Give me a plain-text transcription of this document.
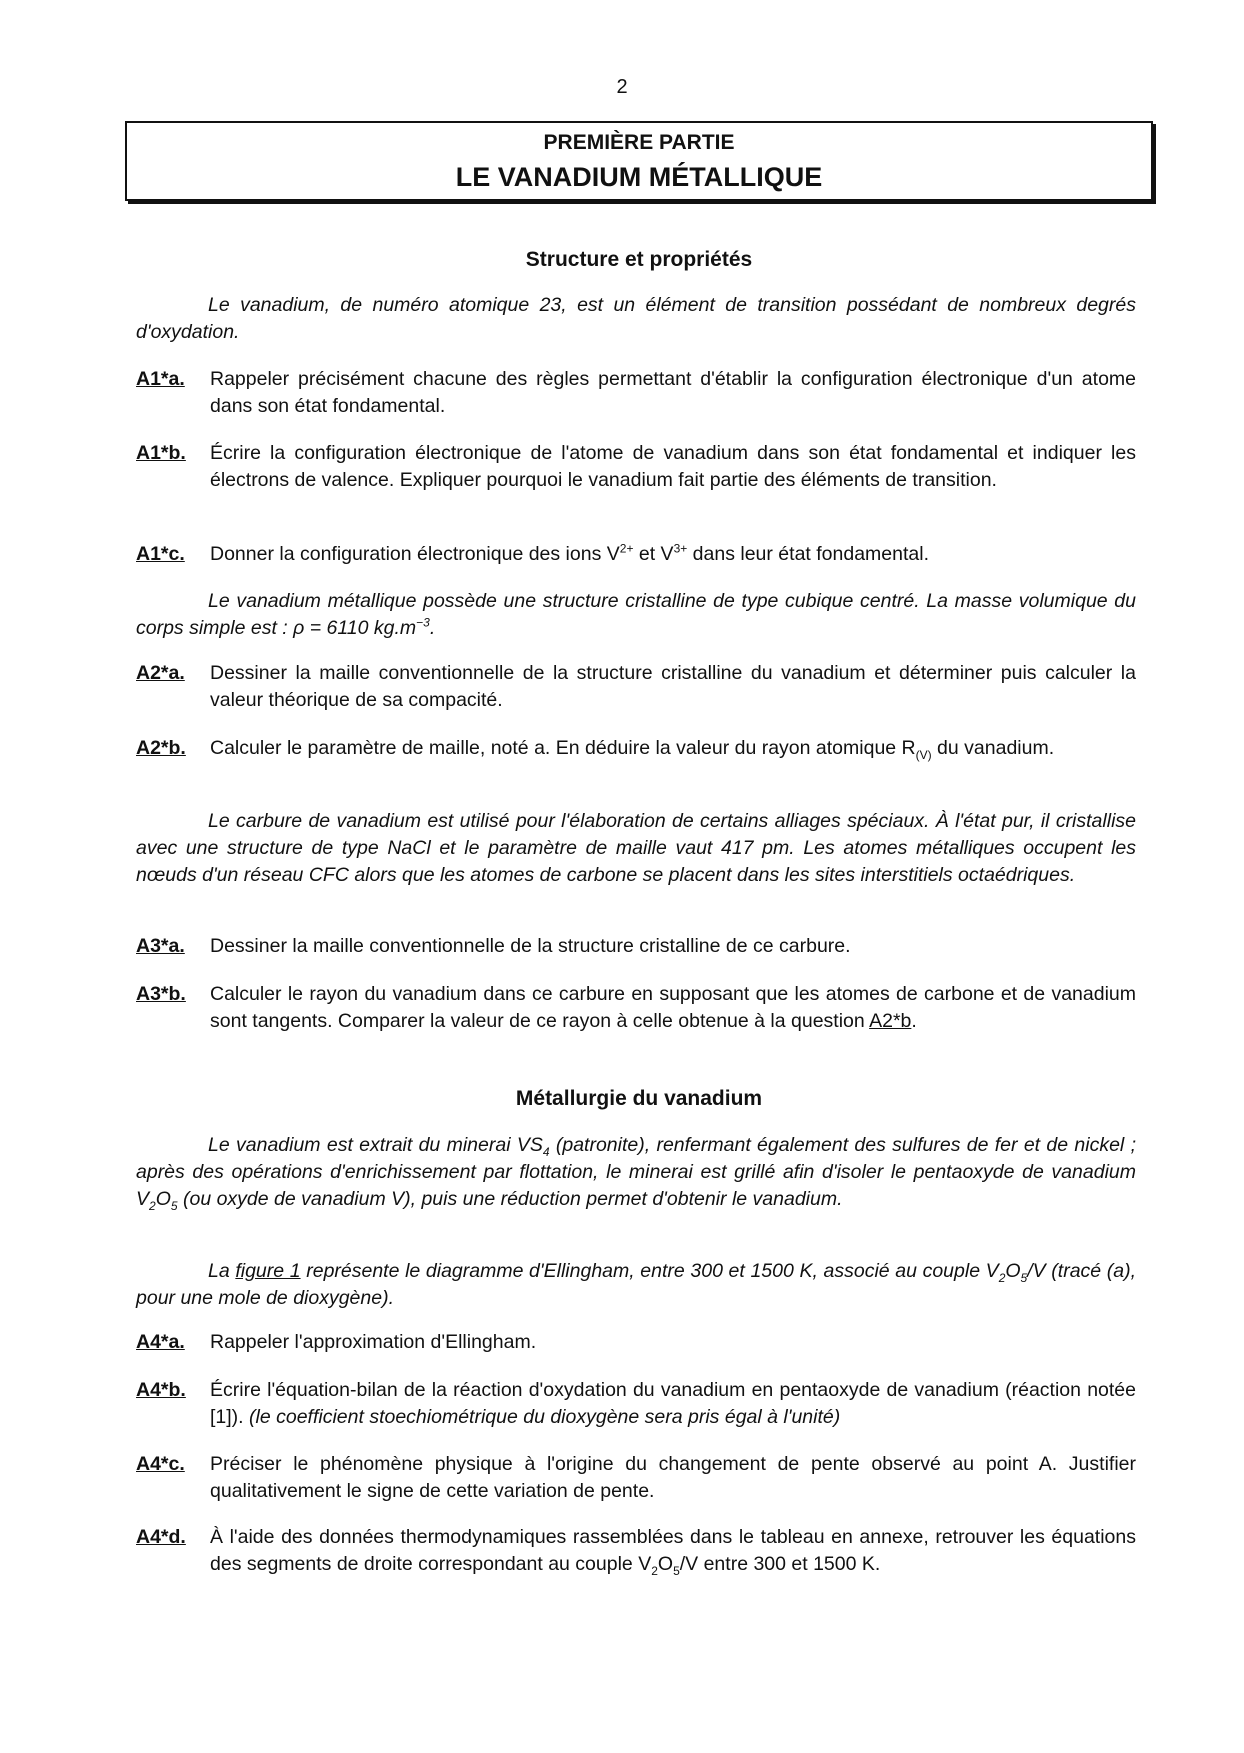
2
PREMIÈRE PARTIE
LE VANADIUM MÉTALLIQUE
Structure et propriétés
Le vanadium, de numéro atomique 23, est un élément de transition possédant de nombreux degrés d'oxydation.
A1*a. Rappeler précisément chacune des règles permettant d'établir la configuration électronique d'un atome dans son état fondamental.
A1*b. Écrire la configuration électronique de l'atome de vanadium dans son état fondamental et indiquer les électrons de valence. Expliquer pourquoi le vanadium fait partie des éléments de transition.
A1*c. Donner la configuration électronique des ions $V^{2+}$ et $V^{3+}$ dans leur état fondamental.
Le vanadium métallique possède une structure cristalline de type cubique centré. La masse volumique du corps simple est : ρ = 6110 $kg.m^{-3}$.
A2*a. Dessiner la maille conventionnelle de la structure cristalline du vanadium et déterminer puis calculer la valeur théorique de sa compacité.
A2*b. Calculer le paramètre de maille, noté a. En déduire la valeur du rayon atomique $R_{(V)}$ du vanadium.
Le carbure de vanadium est utilisé pour l'élaboration de certains alliages spéciaux. À l'état pur, il cristallise avec une structure de type NaCl et le paramètre de maille vaut 417 pm. Les atomes métalliques occupent les nœuds d'un réseau CFC alors que les atomes de carbone se placent dans les sites interstitiels octaédriques.
A3*a. Dessiner la maille conventionnelle de la structure cristalline de ce carbure.
A3*b. Calculer le rayon du vanadium dans ce carbure en supposant que les atomes de carbone et de vanadium sont tangents. Comparer la valeur de ce rayon à celle obtenue à la question A2*b.
Métallurgie du vanadium
Le vanadium est extrait du minerai $VS_4$ (patronite), renfermant également des sulfures de fer et de nickel ; après des opérations d'enrichissement par flottation, le minerai est grillé afin d'isoler le pentaoxyde de vanadium $V_2O_5$ (ou oxyde de vanadium V), puis une réduction permet d'obtenir le vanadium.
La figure 1 représente le diagramme d'Ellingham, entre 300 et 1500 K, associé au couple $V_2O_5/V$ (tracé (a), pour une mole de dioxygène).
A4*a. Rappeler l'approximation d'Ellingham.
A4*b. Écrire l'équation-bilan de la réaction d'oxydation du vanadium en pentaoxyde de vanadium (réaction notée [1]). (le coefficient stoechiométrique du dioxygène sera pris égal à l'unité)
A4*c. Préciser le phénomène physique à l'origine du changement de pente observé au point A. Justifier qualitativement le signe de cette variation de pente.
A4*d. À l'aide des données thermodynamiques rassemblées dans le tableau en annexe, retrouver les équations des segments de droite correspondant au couple $V_2O_5/V$ entre 300 et 1500 K.
